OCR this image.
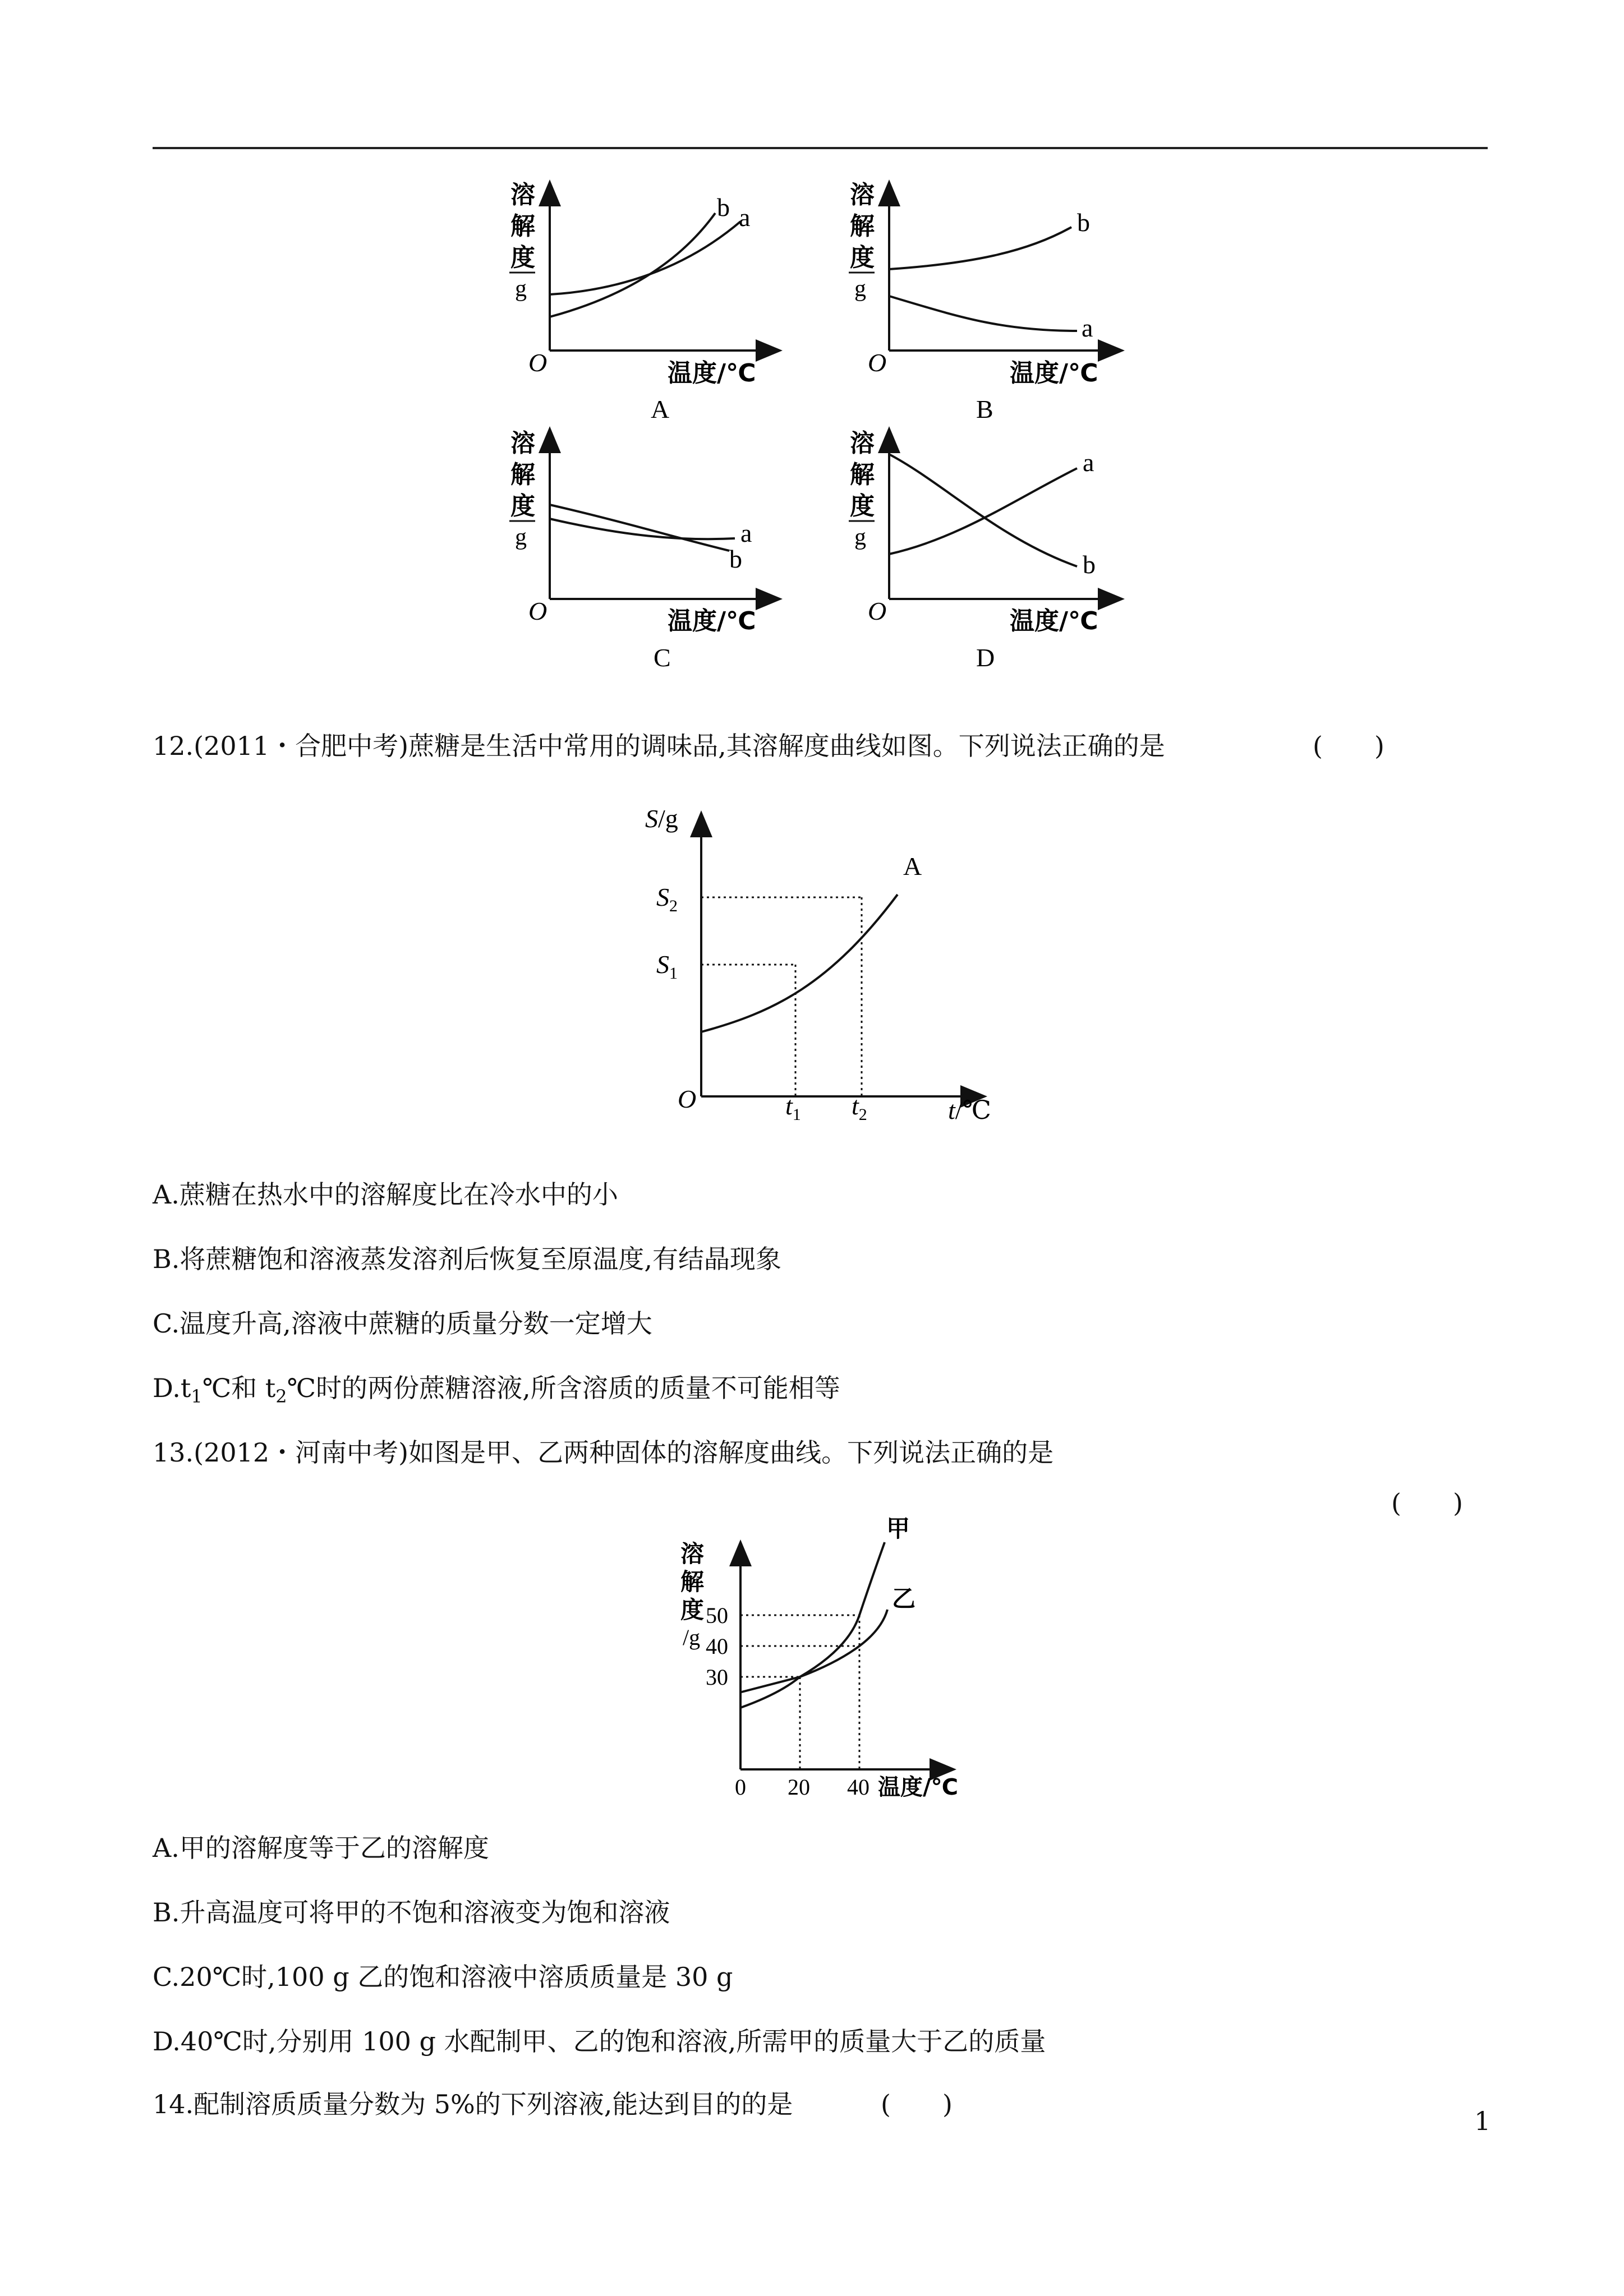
b a
溶
解
度
g
O	温度/℃
A
b
a
溶
解
度
g
O	温度/℃
B
a
b
溶
解
度
g
O	温度/℃
C
a
b
溶
解
度
g
O	温度/℃
D
12.(2011・合肥中考)蔗糖是生活中常用的调味品,其溶解度曲线如图。下列说法正确的是	(　　)
S/g
A
$S_2$
$S_1$
O	$t_1$ $t_2$	t/℃
A.蔗糖在热水中的溶解度比在冷水中的小
B.将蔗糖饱和溶液蒸发溶剂后恢复至原温度,有结晶现象
C.温度升高,溶液中蔗糖的质量分数一定增大
$D.t_1℃$和 $t_2℃$时的两份蔗糖溶液,所含溶质的质量不可能相等
13.(2012・河南中考)如图是甲、乙两种固体的溶解度曲线。下列说法正确的是
(　　)
溶
解
度
/g
温度/℃
甲
乙
30
40
50
0 20 40
A.甲的溶解度等于乙的溶解度
B.升高温度可将甲的不饱和溶液变为饱和溶液
C.20℃时,100 g 乙的饱和溶液中溶质质量是 30 g
D.40℃时,分别用 100 g 水配制甲、乙的饱和溶液,所需甲的质量大于乙的质量
14.配制溶质质量分数为 5%的下列溶液,能达到目的的是	(　　)
1
